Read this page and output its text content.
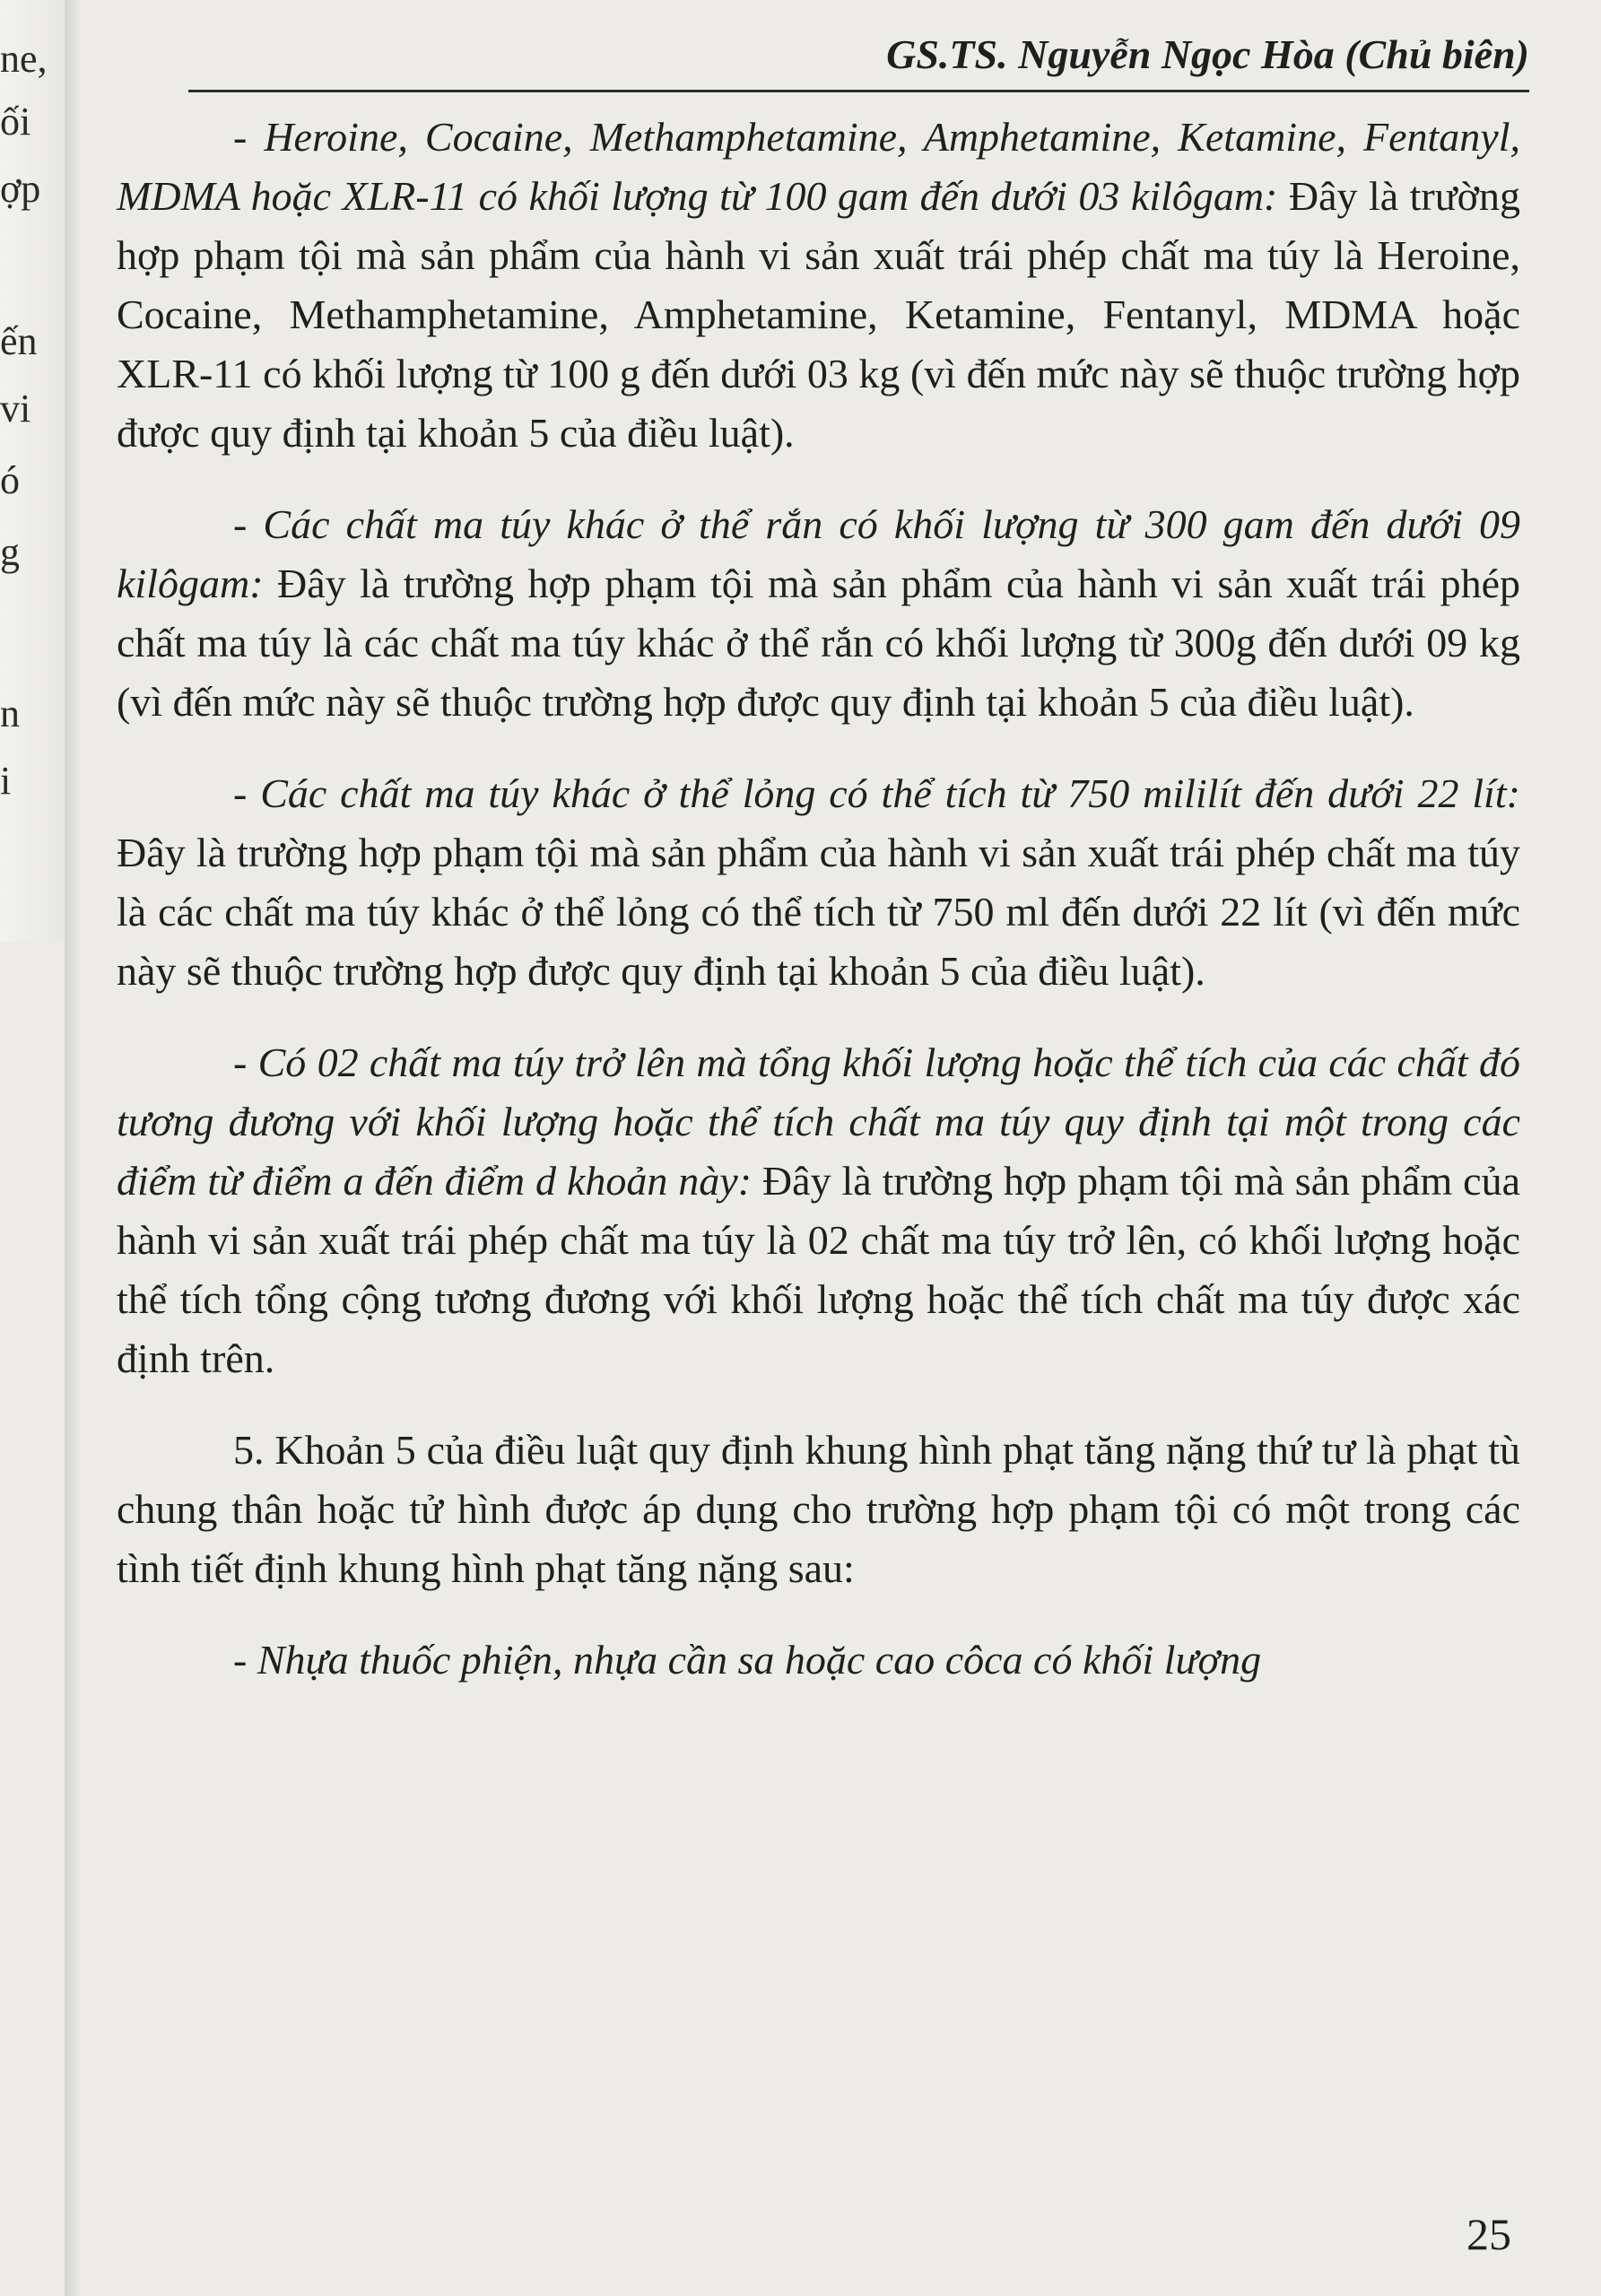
ne,
ối
ợp
ến
vi
ó
g
n
i
GS.TS. Nguyễn Ngọc Hòa (Chủ biên)

- Heroine, Cocaine, Methamphetamine, Amphetamine, Ketamine, Fentanyl, MDMA hoặc XLR-11 có khối lượng từ 100 gam đến dưới 03 kilôgam: Đây là trường hợp phạm tội mà sản phẩm của hành vi sản xuất trái phép chất ma túy là Heroine, Cocaine, Methamphetamine, Amphetamine, Ketamine, Fentanyl, MDMA hoặc XLR-11 có khối lượng từ 100 g đến dưới 03 kg (vì đến mức này sẽ thuộc trường hợp được quy định tại khoản 5 của điều luật).

- Các chất ma túy khác ở thể rắn có khối lượng từ 300 gam đến dưới 09 kilôgam: Đây là trường hợp phạm tội mà sản phẩm của hành vi sản xuất trái phép chất ma túy là các chất ma túy khác ở thể rắn có khối lượng từ 300g đến dưới 09 kg (vì đến mức này sẽ thuộc trường hợp được quy định tại khoản 5 của điều luật).

- Các chất ma túy khác ở thể lỏng có thể tích từ 750 mililít đến dưới 22 lít: Đây là trường hợp phạm tội mà sản phẩm của hành vi sản xuất trái phép chất ma túy là các chất ma túy khác ở thể lỏng có thể tích từ 750 ml đến dưới 22 lít (vì đến mức này sẽ thuộc trường hợp được quy định tại khoản 5 của điều luật).

- Có 02 chất ma túy trở lên mà tổng khối lượng hoặc thể tích của các chất đó tương đương với khối lượng hoặc thể tích chất ma túy quy định tại một trong các điểm từ điểm a đến điểm d khoản này: Đây là trường hợp phạm tội mà sản phẩm của hành vi sản xuất trái phép chất ma túy là 02 chất ma túy trở lên, có khối lượng hoặc thể tích tổng cộng tương đương với khối lượng hoặc thể tích chất ma túy được xác định trên.

5. Khoản 5 của điều luật quy định khung hình phạt tăng nặng thứ tư là phạt tù chung thân hoặc tử hình được áp dụng cho trường hợp phạm tội có một trong các tình tiết định khung hình phạt tăng nặng sau:

- Nhựa thuốc phiện, nhựa cần sa hoặc cao côca có khối lượng

25
